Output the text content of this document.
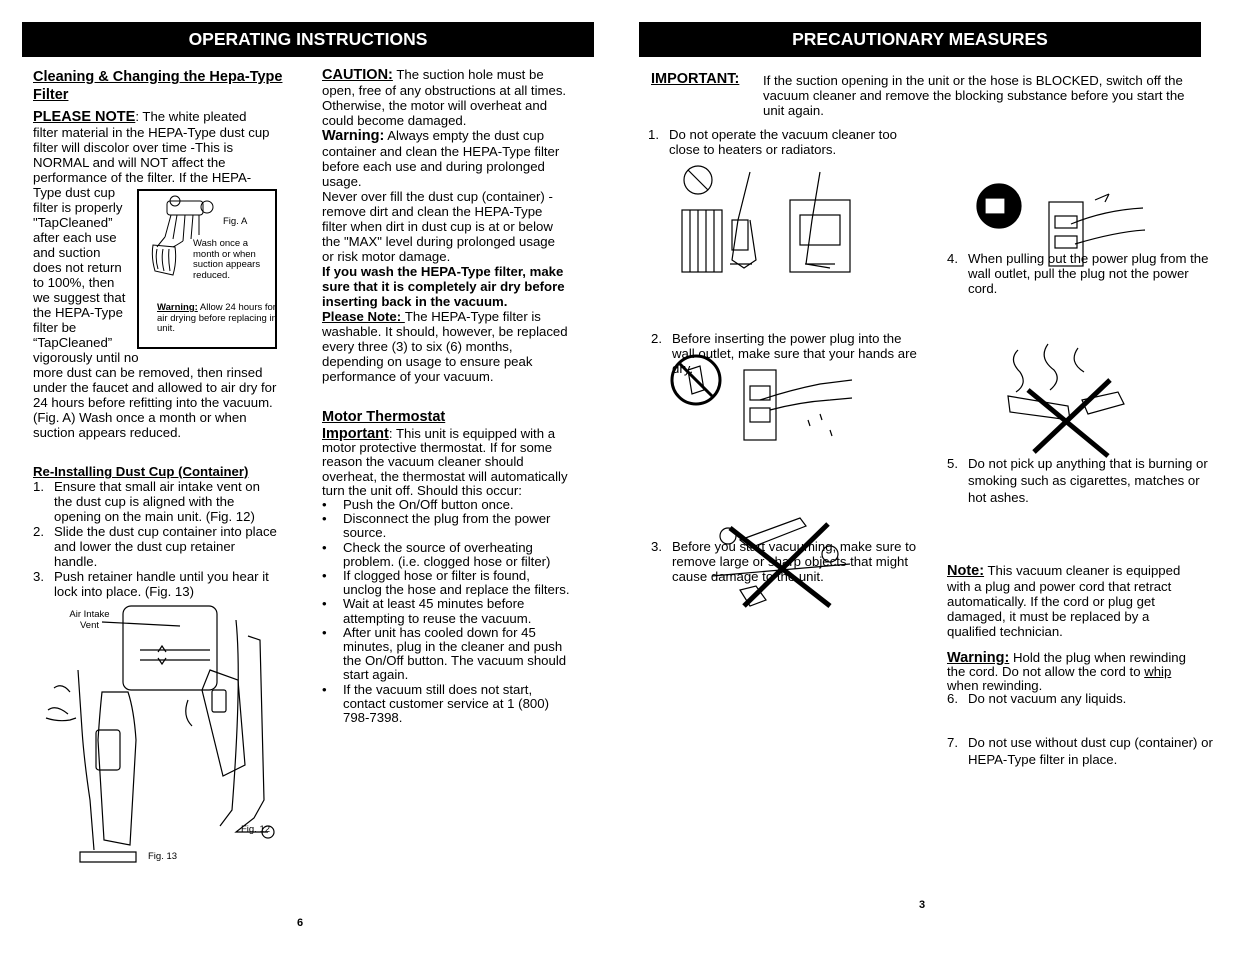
OPERATING INSTRUCTIONS
Cleaning & Changing the Hepa-Type Filter
PLEASE NOTE: The white pleated filter material in the HEPA-Type dust cup filter will discolor over time -This is NORMAL and will NOT affect the performance of the filter. If the HEPA-
Type dust cup
filter is properly
"TapCleaned”
after each use
and suction
does not return
to 100%, then
we suggest that
the HEPA-Type
filter be
“TapCleaned”
vigorously until no
more dust can be removed, then rinsed under the faucet and allowed to air dry for 24 hours before refitting into the vacuum. (Fig. A) Wash once a month or when suction appears reduced.
Fig. A
Wash once a month or when suction appears reduced.
Warning: Allow 24 hours for air drying before replacing in unit.
Re-Installing Dust Cup (Container)
1. Ensure that small air intake vent on the dust cup is aligned with the opening on the main unit. (Fig. 12)
2. Slide the dust cup container into place and lower the dust cup retainer handle.
3. Push retainer handle until you hear it lock into place. (Fig. 13)
Air Intake
Vent
Fig. 12
Fig. 13
6

CAUTION: The suction hole must be open, free of any obstructions at all times. Otherwise, the motor will overheat and could become damaged.

Warning: Always empty the dust cup container and clean the HEPA-Type filter before each use and during prolonged usage.

Never over fill the dust cup (container) - remove dirt and clean the HEPA-Type filter when dirt in dust cup is at or below the "MAX" level during prolonged usage or risk motor damage.

If you wash the HEPA-Type filter, make sure that it is completely air dry before inserting back in the vacuum.

Please Note: The HEPA-Type filter is washable. It should, however, be replaced every three (3) to six (6) months, depending on usage to ensure peak performance of your vacuum.

Motor Thermostat

Important: This unit is equipped with a motor protective thermostat. If for some reason the vacuum cleaner should overheat, the thermostat will automatically turn the unit off. Should this occur:

• Push the On/Off button once.
• Disconnect the plug from the power source.
• Check the source of overheating problem. (i.e. clogged hose or filter)
• If clogged hose or filter is found, unclog the hose and replace the filters.
• Wait at least 45 minutes before attempting to reuse the vacuum.
• After unit has cooled down for 45 minutes, plug in the cleaner and push the On/Off button. The vacuum should start again.
• If the vacuum still does not start, contact customer service at 1 (800) 798-7398.
PRECAUTIONARY MEASURES
IMPORTANT: If the suction opening in the unit or the hose is BLOCKED, switch off the vacuum cleaner and remove the blocking substance before you start the unit again.
1. Do not operate the vacuum cleaner too close to heaters or radiators.
2. Before inserting the power plug into the wall outlet, make sure that your hands are dry.
3. Before you start vacuuming, make sure to remove large or sharp objects that might cause damage to the unit.
4. When pulling out the power plug from the wall outlet, pull the plug not the power cord.
5. Do not pick up anything that is burning or smoking such as cigarettes, matches or hot ashes.
6. Do not vacuum any liquids.
7. Do not use without dust cup (container) or HEPA-Type filter in place.
Note: This vacuum cleaner is equipped with a plug and power cord that retract automatically. If the cord or plug get damaged, it must be replaced by a qualified technician.
Warning: Hold the plug when rewinding the cord. Do not allow the cord to whip when rewinding.
3
